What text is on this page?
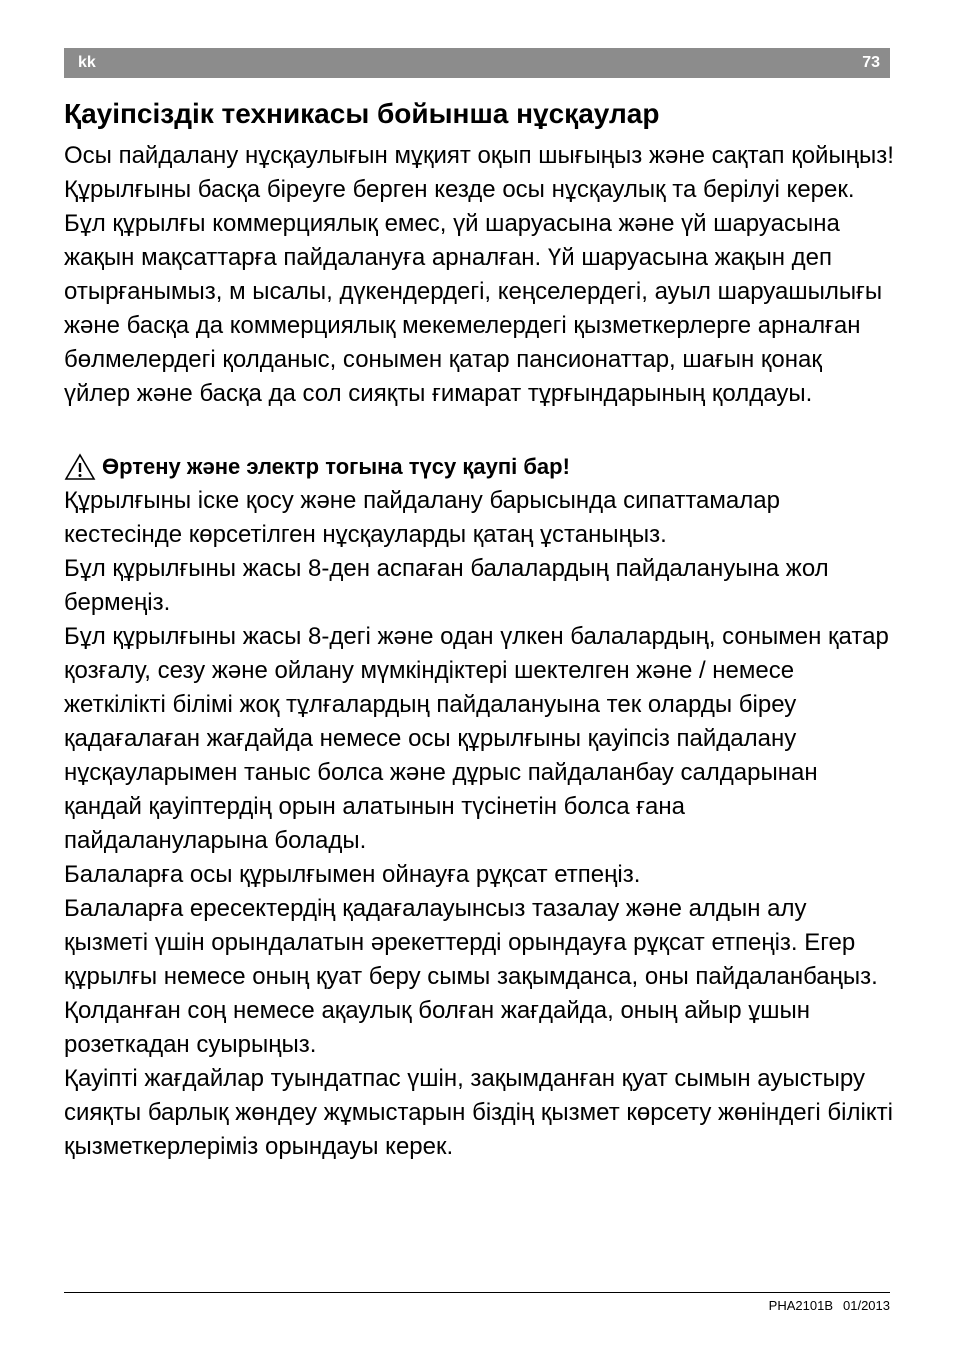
kk	73
Қауіпсіздік техникасы бойынша нұсқаулар

Осы пайдалану нұсқаулығын мұқият оқып шығыңыз және сақтап қойыңыз! Құрылғыны басқа біреуге берген кезде осы нұсқаулық та берілуі керек.

Бұл құрылғы коммерциялық емес, үй шаруасына және үй шаруасына жақын мақсаттарға пайдалануға арналған. Үй шаруасына жақын деп отырғанымыз, м ысалы, дүкендердегі, кеңселердегі, ауыл шаруашылығы және басқа да коммерциялық мекемелердегі қызметкерлерге арналған бөлмелердегі қолданыс, сонымен қатар пансионаттар, шағын қонақ үйлер және басқа да сол сияқты ғимарат тұрғындарының қолдауы.

Өртену және электр тогына түсу қаупі бар!

Құрылғыны іске қосу және пайдалану барысында сипаттамалар кестесінде көрсетілген нұсқауларды қатаң ұстаныңыз.

Бұл құрылғыны жасы 8-ден аспаған балалардың пайдалануына жол бермеңіз.

Бұл құрылғыны жасы 8-дегі және одан үлкен балалардың, сонымен қатар қозғалу, сезу және ойлану мүмкіндіктері шектелген және / немесе жеткілікті білімі жоқ тұлғалардың пайдалануына тек оларды біреу қадағалаған жағдайда немесе осы құрылғыны қауіпсіз пайдалану нұсқауларымен таныс болса және дұрыс пайдаланбау салдарынан қандай қауіптердің орын алатынын түсінетін болса ғана пайдалануларына болады.

Балаларға осы құрылғымен ойнауға рұқсат етпеңіз.

Балаларға ересектердің қадағалауынсыз тазалау және алдын алу қызметі үшін орындалатын әрекеттерді орындауға рұқсат етпеңіз. Егер құрылғы немесе оның қуат беру сымы зақымданса, оны пайдаланбаңыз.

Қолданған соң немесе ақаулық болған жағдайда, оның айыр ұшын розеткадан суырыңыз.

Қауіпті жағдайлар туындатпас үшін, зақымданған қуат сымын ауыстыру сияқты барлық жөндеу жұмыстарын біздің қызмет көрсету жөніндегі білікті қызметкерлеріміз орындауы керек.

PHA2101B 01/2013
